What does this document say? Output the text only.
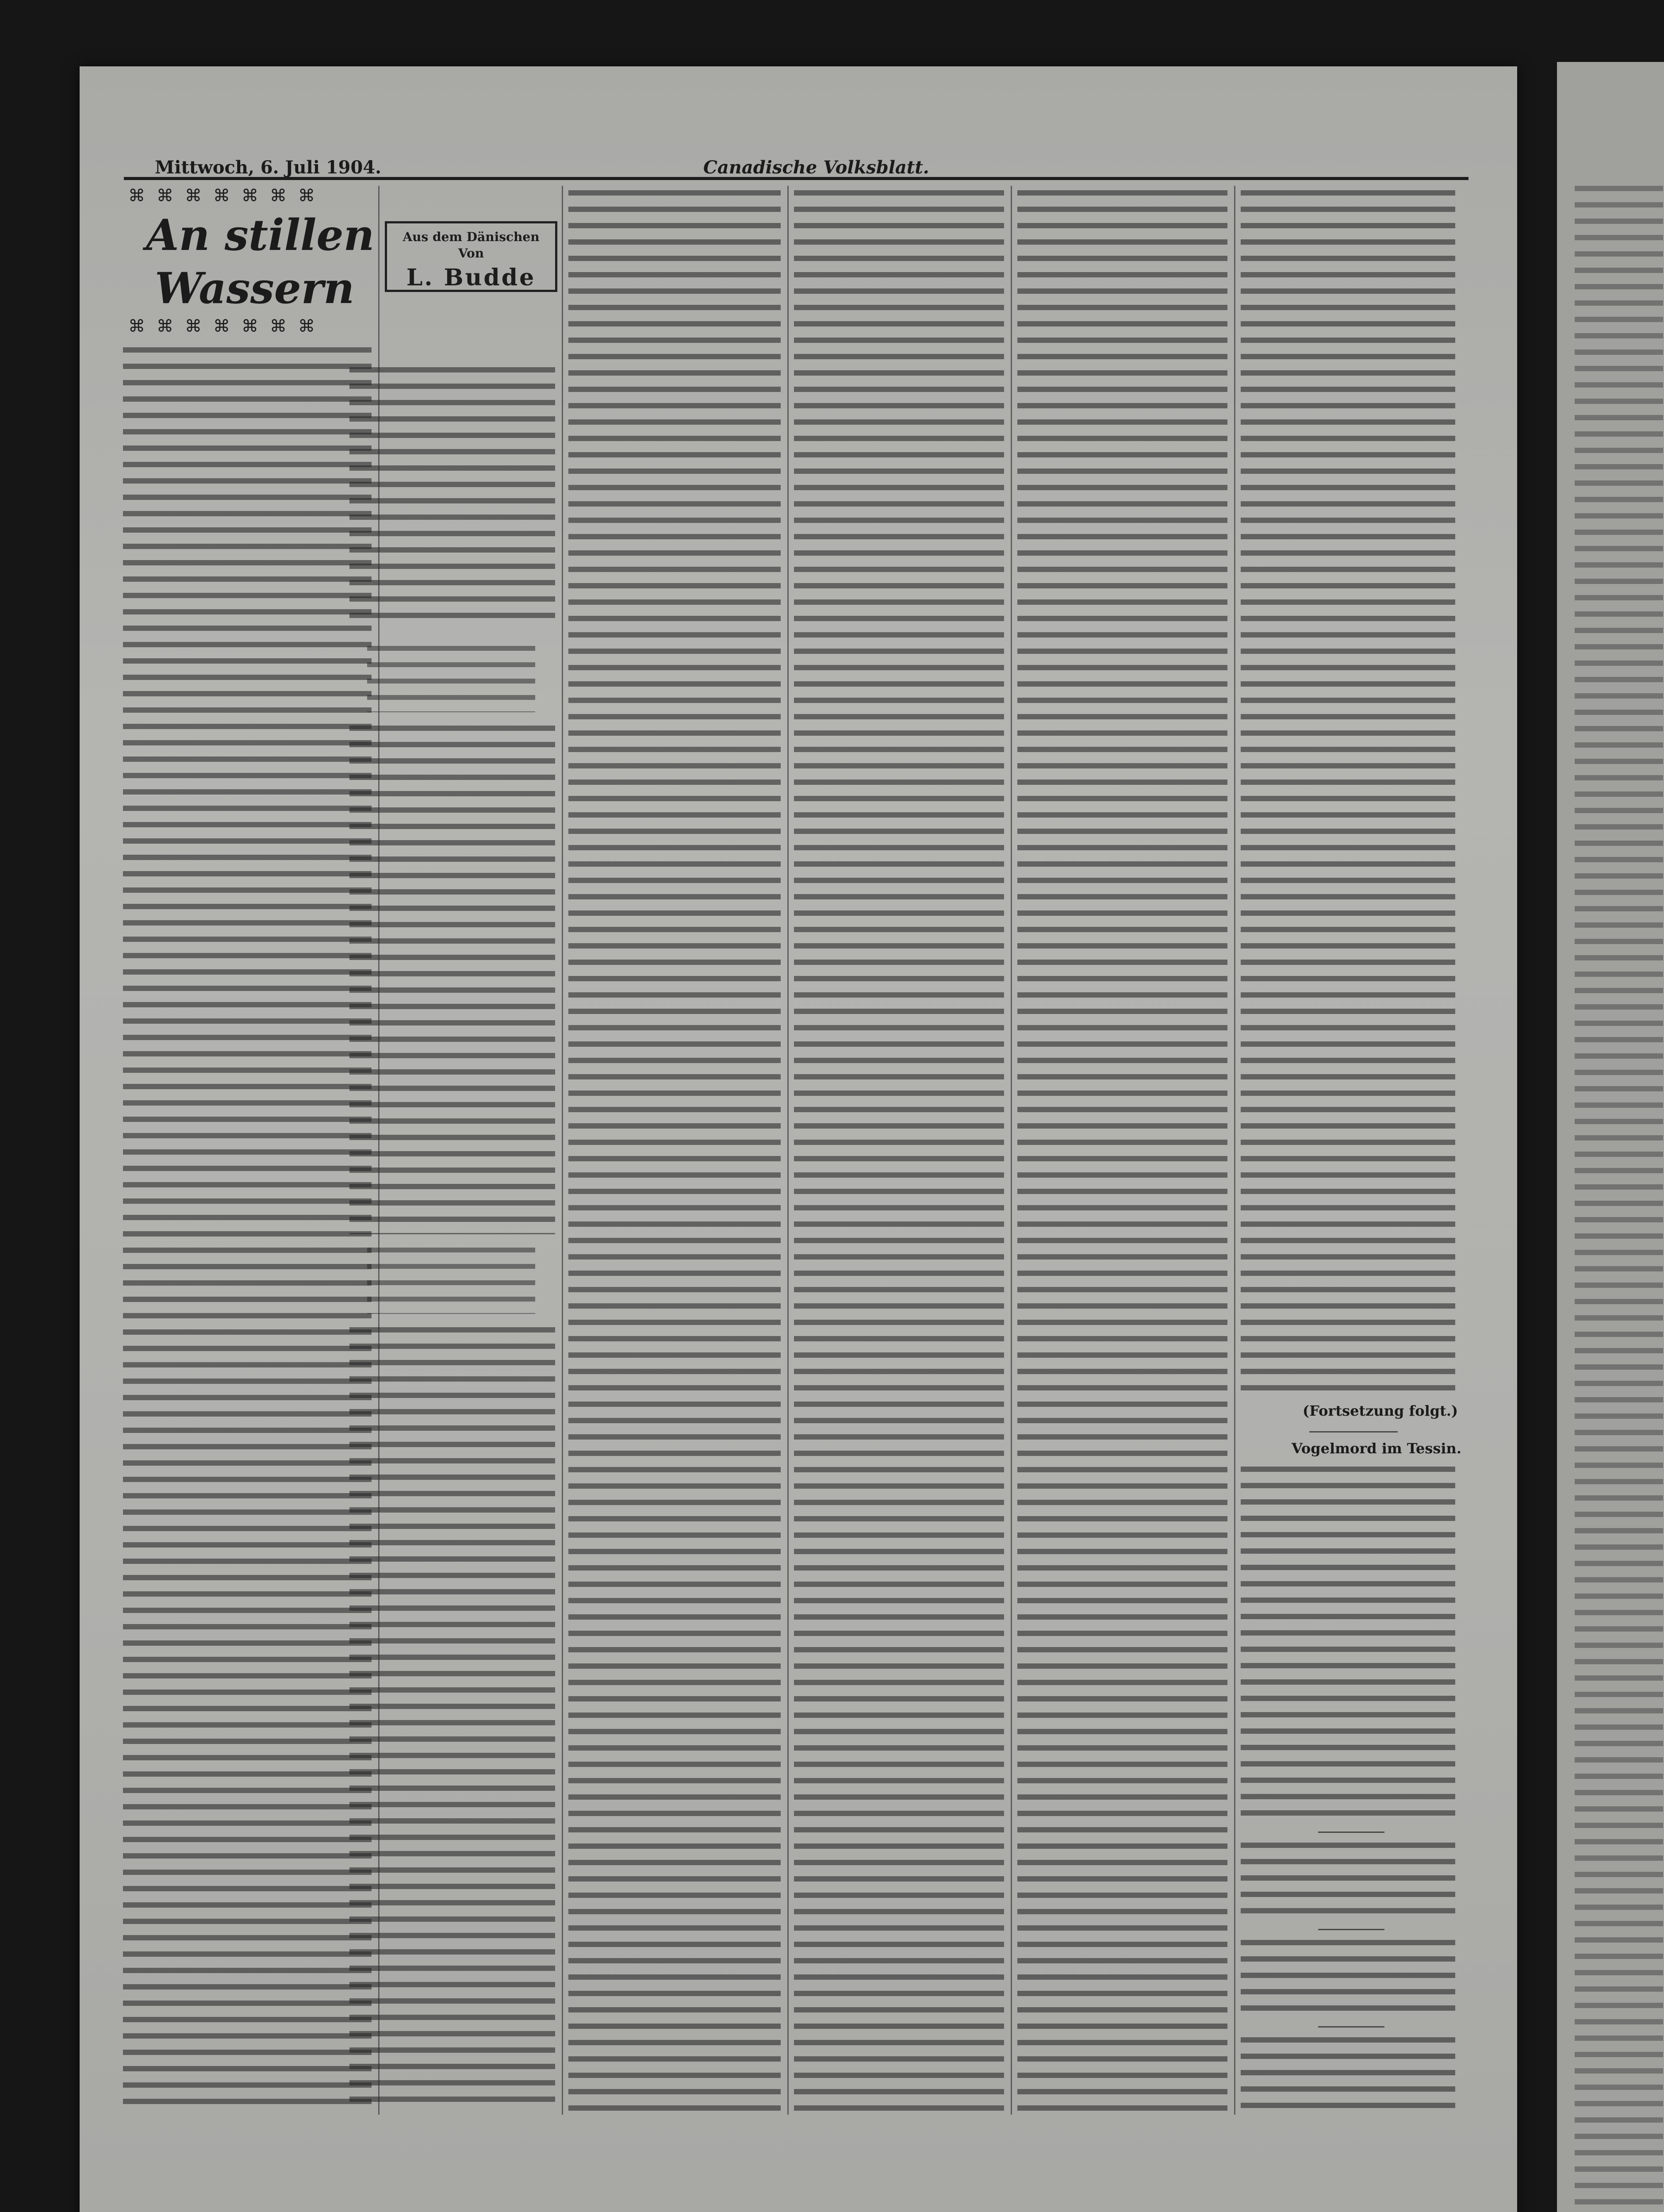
Mittwoch, 6. Juli 1904.	Canadische Volksblatt.
⌘⌘⌘⌘⌘⌘⌘
An stillen
Wassern
⌘⌘⌘⌘⌘⌘⌘
Aus dem Dänischen
Von
L. Budde
(Fortsetzung folgt.)
Vogelmord im Tessin.
